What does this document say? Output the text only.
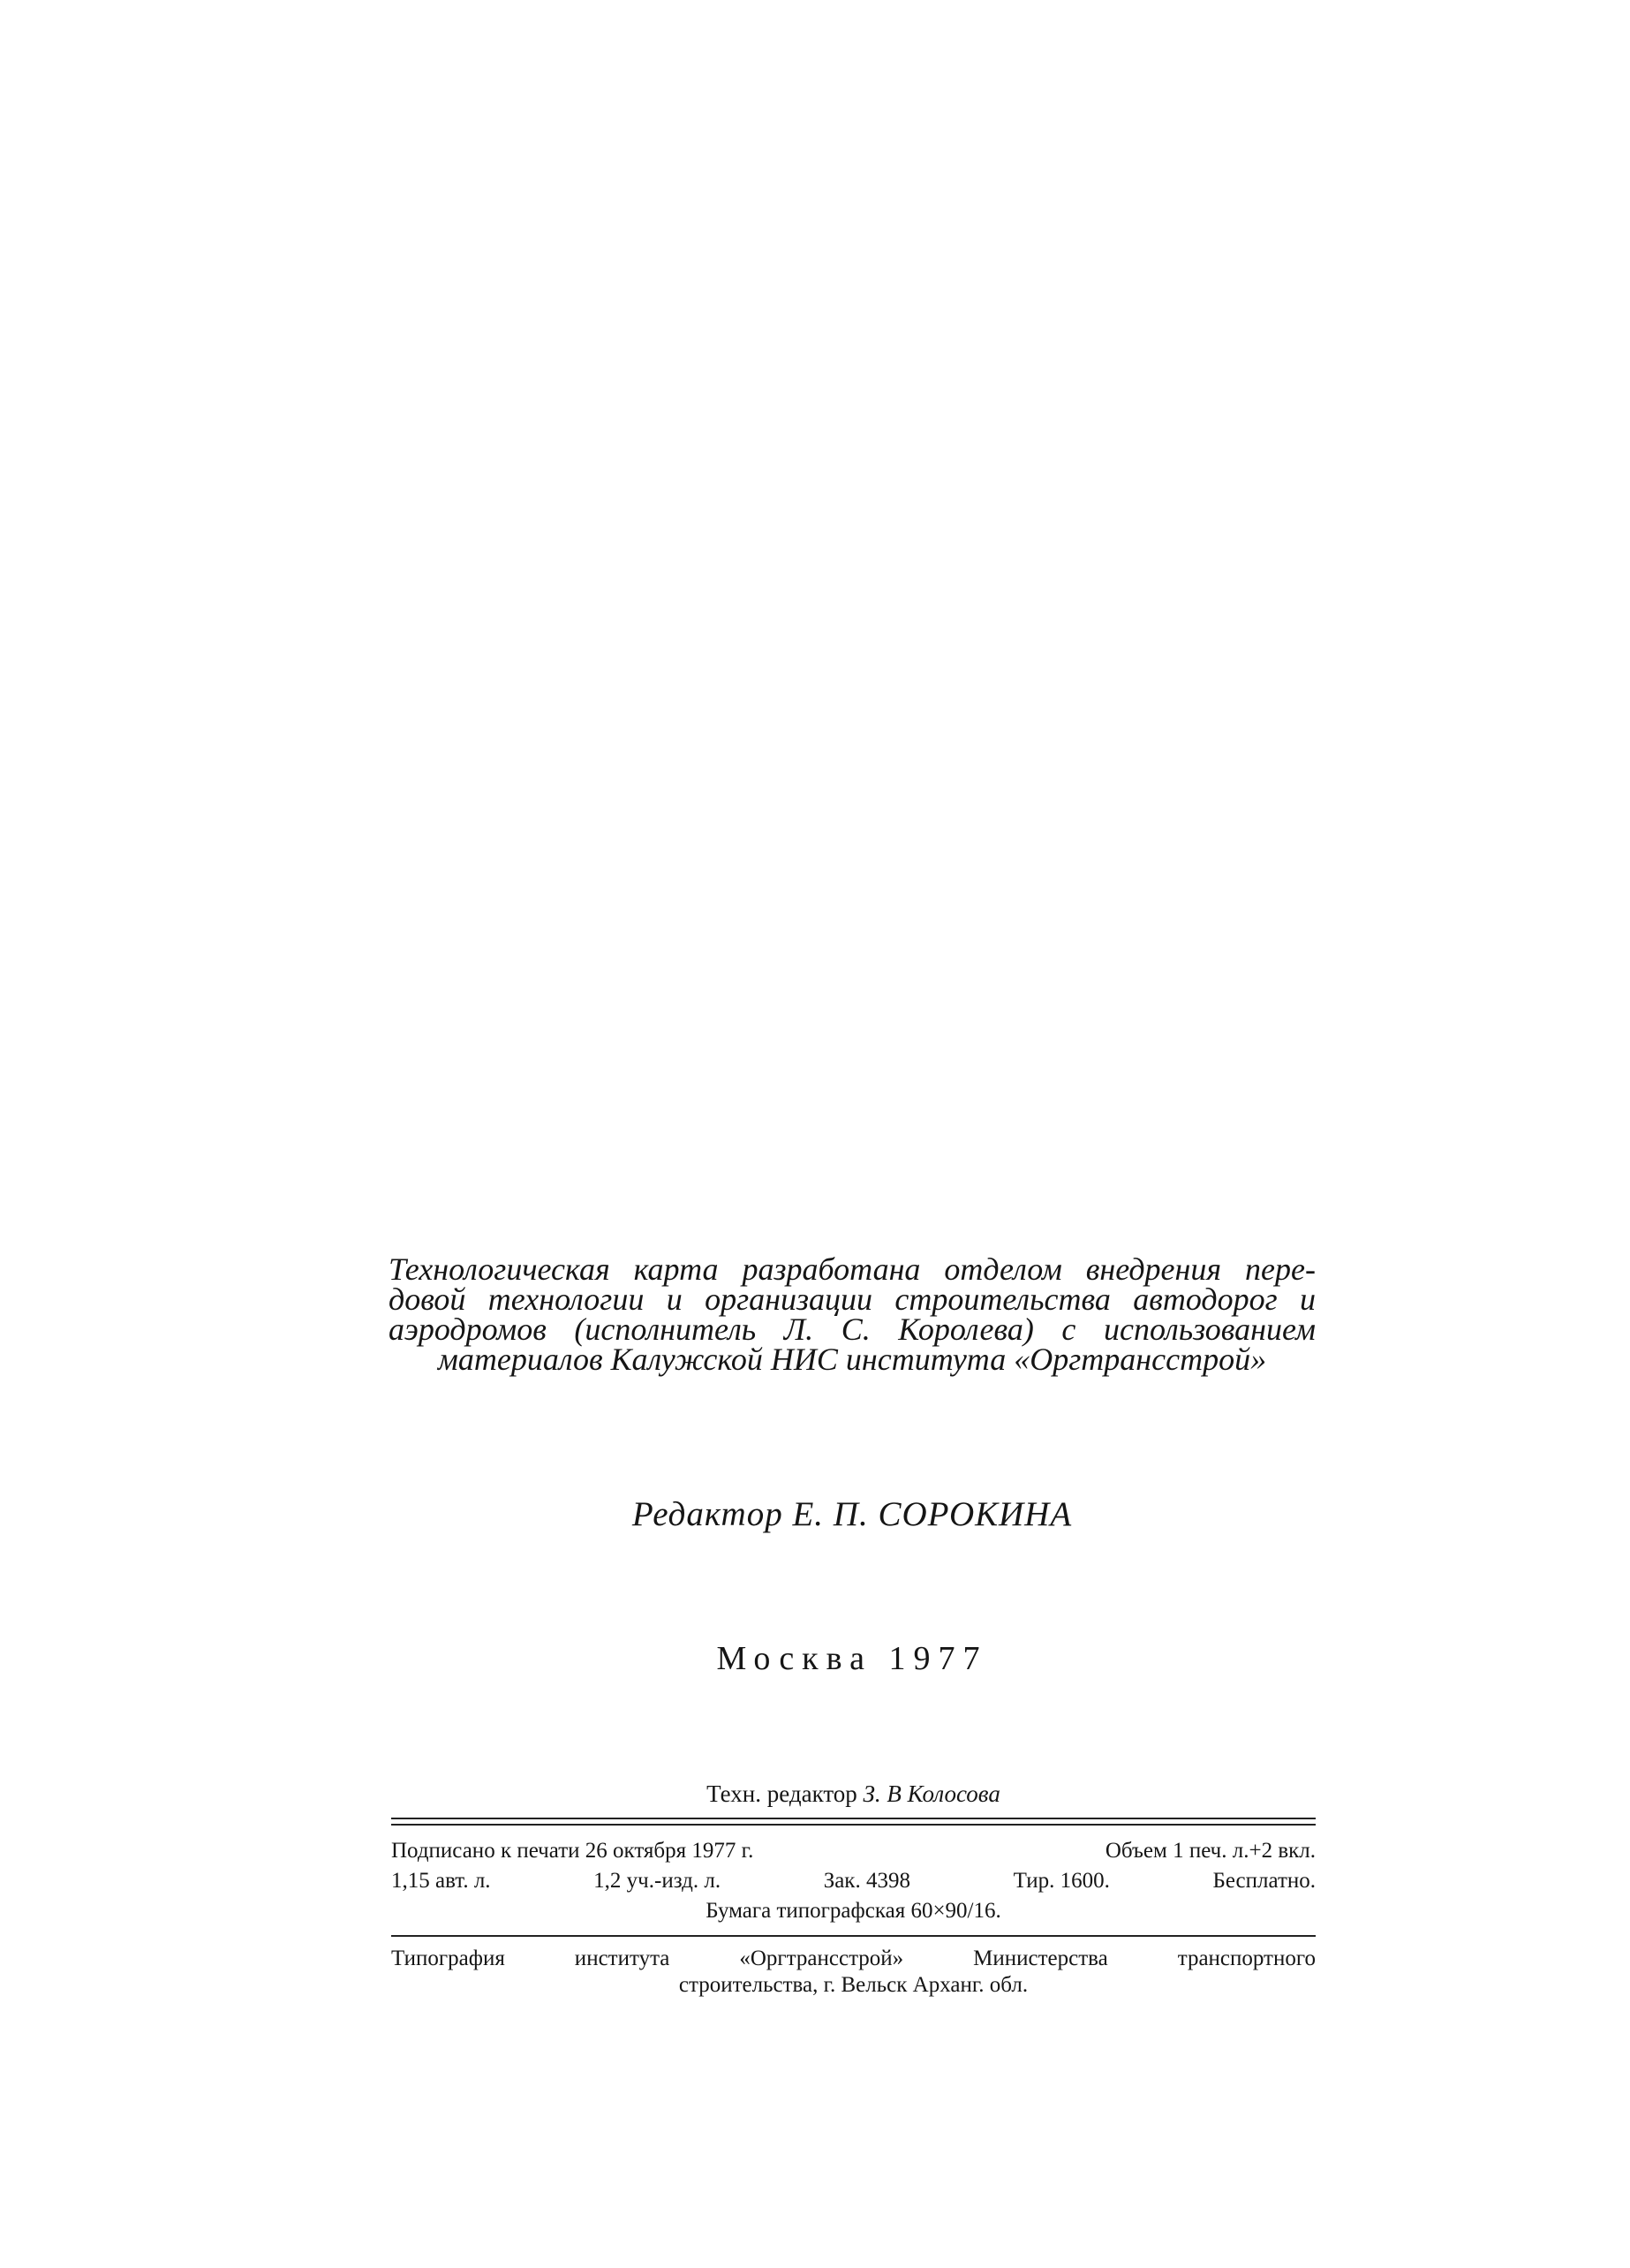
Технологическая карта разработана отделом внедрения пере-
довой технологии и организации строительства автодорог и
аэродромов (исполнитель Л. С. Королева) с использованием
материалов Калужской НИС института «Оргтрансстрой»
Редактор Е. П. СОРОКИНА
Москва 1977
Техн. редактор З. В Колосова
Подписано к печати 26 октября 1977 г.	Объем 1 печ. л.+2 вкл.
1,15 авт. л.	1,2 уч.-изд. л.	Зак. 4398	Тир. 1600.	Бесплатно.
Бумага типографская 60×90/16.
Типография института «Оргтрансстрой» Министерства транспортного
строительства, г. Вельск Арханг. обл.
